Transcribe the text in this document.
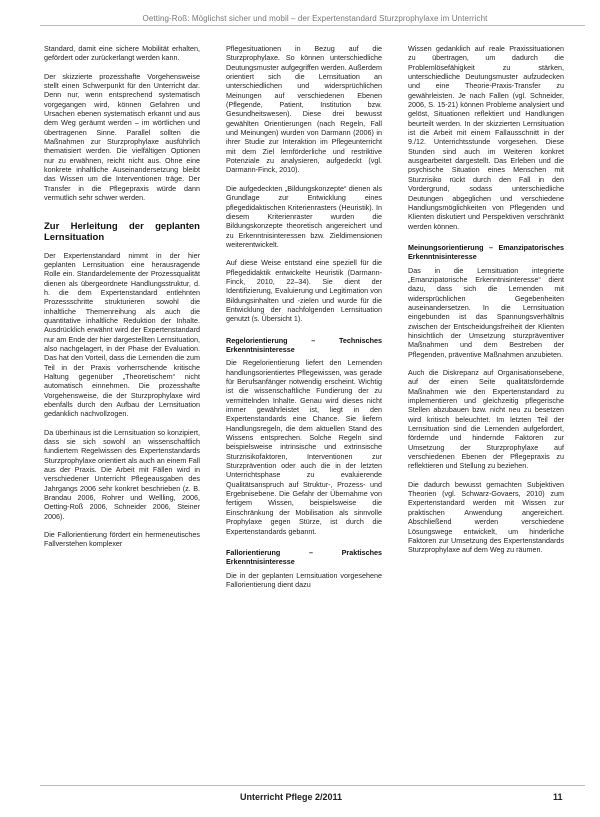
Oetting-Roß: Möglichst sicher und mobil – der Expertenstandard Sturzprophylaxe im Unterricht

Standard, damit eine sichere Mobilität erhalten, gefördert oder zurückerlangt werden kann.

Der skizzierte prozesshafte Vorgehensweise stellt einen Schwerpunkt für den Unterricht dar. Denn nur, wenn entsprechend systematisch vorgegangen wird, können Gefahren und Ursachen ebenen systematisch erkannt und aus dem Weg geräumt werden – im wörtlichen und übertragenen Sinne. Parallel sollten die Maßnahmen zur Sturzprophylaxe ausführlich thematisiert werden. Die vielfältigen Optionen nur zu erwähnen, reicht nicht aus. Ohne eine konkrete inhaltliche Auseinandersetzung bleibt das Wissen um die Interventionen träge. Der Transfer in die Pflegepraxis würde dann vermutlich sehr schwer werden.

Zur Herleitung der geplanten Lernsituation

Der Expertenstandard nimmt in der hier geplanten Lernsituation eine herausragende Rolle ein. Standardelemente der Prozessqualität dienen als übergeordnete Handlungsstruktur, d. h. die dem Expertenstandard entlehnten Prozessschritte strukturieren sowohl die inhaltliche Themenreihung als auch die quantitative inhaltliche Reduktion der Inhalte. Ausdrücklich erwähnt wird der Expertenstandard nur am Ende der hier dargestellten Lernsituation, also nachgelagert, in der Phase der Evaluation. Das hat den Vorteil, dass die Lernenden die zum Teil in der Praxis vorherrschende kritische Haltung gegenüber „Theoretischem“ nicht automatisch einnehmen. Die prozesshafte Vorgehensweise, die der Sturzprophylaxe wird ebenfalls durch den Aufbau der Lernsituation gedanklich nachvollzogen.

Da überhinaus ist die Lernsituation so konzipiert, dass sie sich sowohl an wissenschaftlich fundiertem Regelwissen des Expertenstandards Sturzprophylaxe orientiert als auch an einem Fall aus der Praxis. Die Arbeit mit Fällen wird in verschiedener Unterricht Pflegeausgaben des Jahrgangs 2006 sehr konkret beschrieben (z. B. Brandau 2006, Rohrer und Wellling, 2006, Oetting-Roß 2006, Schneider 2006, Steiner 2006).

Die Fallorientierung fördert ein hermeneutisches Fallverstehen komplexer

Pflegesituationen in Bezug auf die Sturzprophylaxe. So können unterschiedliche Deutungsmuster aufgegriffen werden. Außerdem orientiert sich die Lernsituation an unterschiedlichen und widersprüchlichen Meinungen auf verschiedenen Ebenen (Pflegende, Patient, Institution bzw. Gesundheitswesen). Diese drei bewusst gewählten Orientierungen (nach Regeln, Fall und Meinungen) wurden von Darmann (2006) in ihrer Studie zur Interaktion im Pflegeunterricht mit dem Ziel lernförderliche und restriktive Potenziale zu analysieren, aufgedeckt (vgl. Darmann-Finck, 2010).

Die aufgedeckten „Bildungskonzepte“ dienen als Grundlage zur Entwicklung eines pflegedidaktischen Kriterienrasters (Heuristik). In diesem Kriterienraster wurden die Bildungskonzepte theoretisch angereichert und zu Erkenntnisinteressen bzw. Zieldimensionen weiterentwickelt.

Auf diese Weise entstand eine speziell für die Pflegedidaktik entwickelte Heuristik (Darmann-Finck, 2010, 22–34). Sie dient der Identifizierung, Evaluierung und Legitimation von Bildungsinhalten und -zielen und wurde für die Entwicklung der nachfolgenden Lernsituation genutzt (s. Übersicht 1).

Regelorientierung – Technisches Erkenntnisinteresse

Die Regelorientierung liefert den Lernenden handlungsorientiertes Pflegewissen, was gerade für Berufsanfänger notwendig erscheint. Wichtig ist die wissenschaftliche Fundierung der zu vermittelnden Inhalte. Genau wird dieses nicht immer gewährleistet ist, liegt in den Expertenstandards eine Chance. Sie liefern Handlungsregeln, die dem aktuellen Stand des Wissens entsprechen. Solche Regeln sind beispielsweise intrinsische und extrinsische Sturzrisikofaktoren, Interventionen zur Sturzprävention oder auch die in der letzten Unterrichtsphase zu evaluierende Qualitätsanspruch auf Struktur-, Prozess- und Ergebnisebene. Die Gefahr der Übernahme von fertigem Wissen, beispielsweise die Einschränkung der Mobilisation als sinnvolle Prophylaxe gegen Stürze, ist durch die Expertenstandards gebannt.

Fallorientierung – Praktisches Erkenntnisinteresse

Die in der geplanten Lernsituation vorgesehene Fallorientierung dient dazu

Wissen gedanklich auf reale Praxissituationen zu übertragen, um dadurch die Problemlösefähigkeit zu stärken, unterschiedliche Deutungsmuster aufzudecken und eine Theorie-Praxis-Transfer zu gewährleisten. Je nach Fallen (vgl. Schneider, 2006, S. 15-21) können Probleme analysiert und gelöst, Situationen reflektiert und Handlungen beurteilt werden. In der skizzierten Lernsituation ist die Arbeit mit einem Fallausschnitt in der 9./12. Unterrichtsstunde vorgesehen. Diese Stunden sind auch im Weiteren konkret ausgearbeitet dargestellt. Das Erleben und die psychische Situation eines Menschen mit Sturzrisiko rückt durch den Fall in den Vordergrund, sodass unterschiedliche Deutungen abgeglichen und verschiedene Handlungsmöglichkeiten von Pflegenden und Klienten diskutiert und Perspektiven verschränkt werden können.

Meinungsorientierung – Emanzipatorisches Erkenntnisinteresse

Das in die Lernsituation integrierte „Emanzipatorische Erkenntnisinteresse“ dient dazu, dass sich die Lernenden mit widersprüchlichen Gegebenheiten auseinandersetzen. In die Lernsituation eingebunden ist das Spannungsverhältnis zwischen der Entscheidungsfreiheit der Klienten hinsichtlich der Umsetzung sturzpräventiver Maßnahmen und dem Bestreben der Pflegenden, präventive Maßnahmen anzubieten.

Auch die Diskrepanz auf Organisationsebene, auf der einen Seite qualitätsfördernde Maßnahmen wie den Expertenstandard zu implementieren und gleichzeitig pflegerische Stellen abzubauen bzw. nicht neu zu besetzen wird kritisch beleuchtet. Im letzten Teil der Lernsituation sind die Lernenden aufgefordert, fördernde und hindernde Faktoren zur Umsetzung der Sturzprophylaxe auf verschiedenen Ebenen der Pflegepraxis zu reflektieren und Stellung zu beziehen.

Die dadurch bewusst gemachten Subjektiven Theorien (vgl. Schwarz-Govaers, 2010) zum Expertenstandard werden mit Wissen zur praktischen Anwendung angereichert. Abschließend werden verschiedene Lösungswege entwickelt, um hinderliche Faktoren zur Umsetzung des Expertenstandards Sturzprophylaxe auf dem Weg zu räumen.

Unterricht Pflege 2/2011	11
